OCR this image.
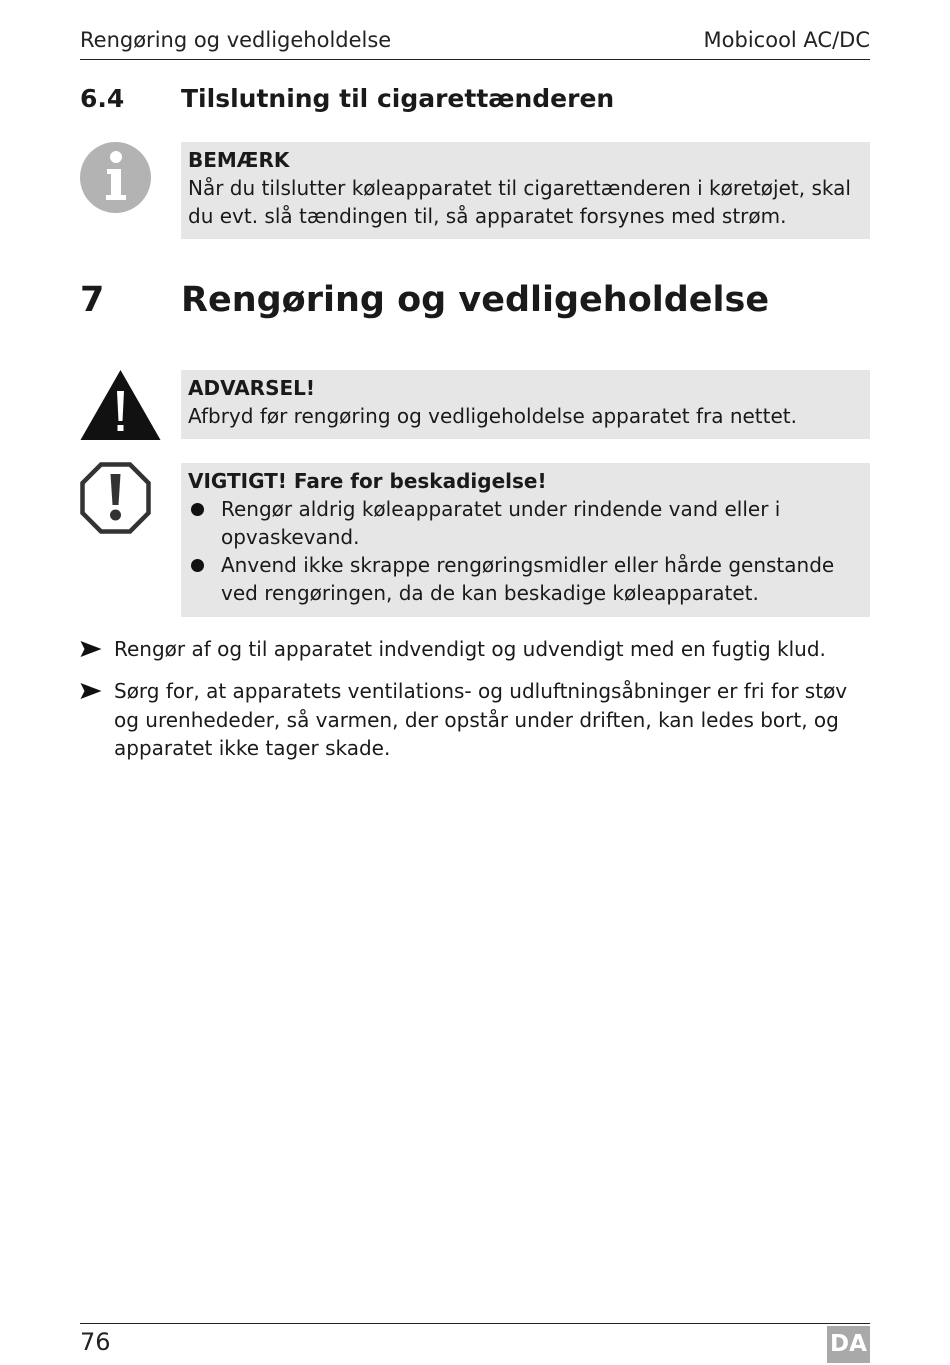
Rengøring og vedligeholdelse	Mobicool AC/DC
6.4 Tilslutning til cigarettænderen
BEMÆRK
Når du tilslutter køleapparatet til cigarettænderen i køretøjet, skal du evt. slå tændingen til, så apparatet forsynes med strøm.
7 Rengøring og vedligeholdelse
ADVARSEL!
Afbryd før rengøring og vedligeholdelse apparatet fra nettet.
VIGTIGT! Fare for beskadigelse!
Rengør aldrig køleapparatet under rindende vand eller i opvaskevand.
Anvend ikke skrappe rengøringsmidler eller hårde genstande ved rengøringen, da de kan beskadige køleapparatet.
Rengør af og til apparatet indvendigt og udvendigt med en fugtig klud.
Sørg for, at apparatets ventilations- og udluftningsåbninger er fri for støv og urenhededer, så varmen, der opstår under driften, kan ledes bort, og apparatet ikke tager skade.
76	DA
